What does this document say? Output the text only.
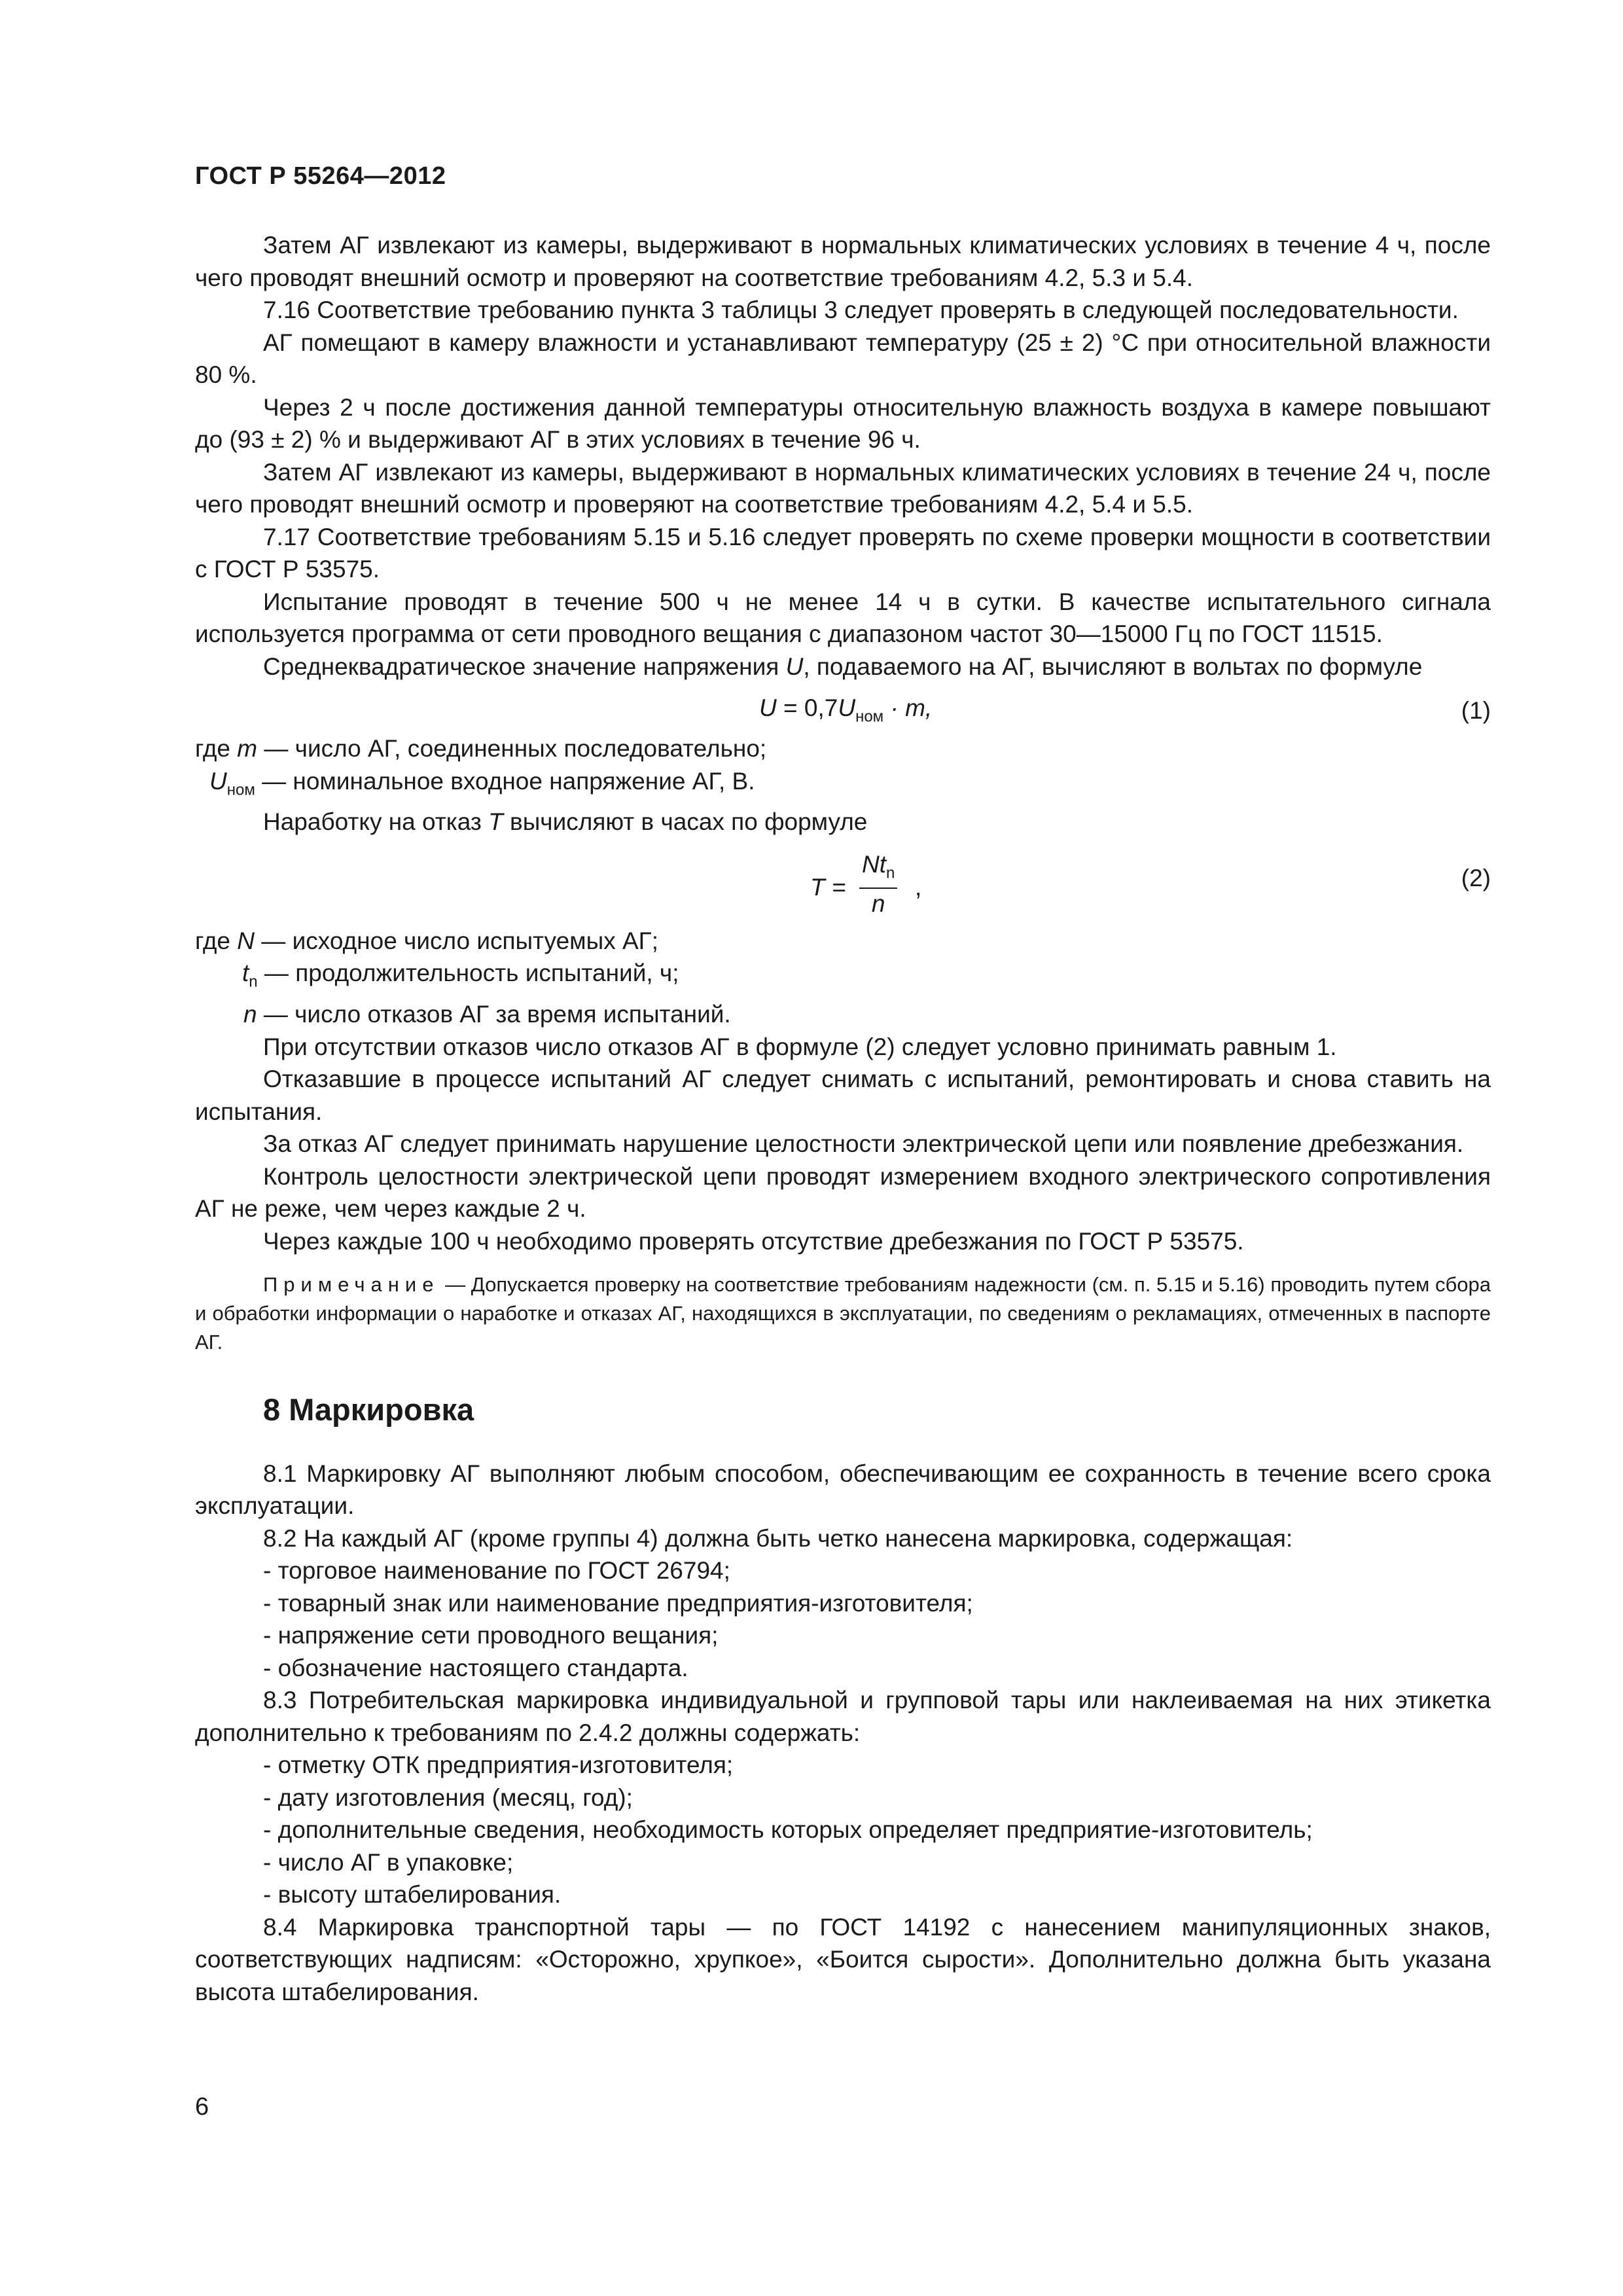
ГОСТ Р 55264—2012

Затем АГ извлекают из камеры, выдерживают в нормальных климатических условиях в течение 4 ч, после чего проводят внешний осмотр и проверяют на соответствие требованиям 4.2, 5.3 и 5.4.

7.16 Соответствие требованию пункта 3 таблицы 3 следует проверять в следующей последовательности.

АГ помещают в камеру влажности и устанавливают температуру (25 ± 2) °С при относительной влажности 80 %.

Через 2 ч после достижения данной температуры относительную влажность воздуха в камере повышают до (93 ± 2) % и выдерживают АГ в этих условиях в течение 96 ч.

Затем АГ извлекают из камеры, выдерживают в нормальных климатических условиях в течение 24 ч, после чего проводят внешний осмотр и проверяют на соответствие требованиям 4.2, 5.4 и 5.5.

7.17 Соответствие требованиям 5.15 и 5.16 следует проверять по схеме проверки мощности в соответствии с ГОСТ Р 53575.

Испытание проводят в течение 500 ч не менее 14 ч в сутки. В качестве испытательного сигнала используется программа от сети проводного вещания с диапазоном частот 30—15000 Гц по ГОСТ 11515.

Среднеквадратическое значение напряжения U, подаваемого на АГ, вычисляют в вольтах по формуле

$U = 0,7U_{ном} \cdot m$,	(1)

где m — число АГ, соединенных последовательно;

$U_{ном}$ — номинальное входное напряжение АГ, В.

Наработку на отказ T вычисляют в часах по формуле

T =
$Nt_n$
n
,	(2)

где N — исходное число испытуемых АГ;

$t_n$ — продолжительность испытаний, ч;

n — число отказов АГ за время испытаний.

При отсутствии отказов число отказов АГ в формуле (2) следует условно принимать равным 1.

Отказавшие в процессе испытаний АГ следует снимать с испытаний, ремонтировать и снова ставить на испытания.

За отказ АГ следует принимать нарушение целостности электрической цепи или появление дребезжания.

Контроль целостности электрической цепи проводят измерением входного электрического сопротивления АГ не реже, чем через каждые 2 ч.

Через каждые 100 ч необходимо проверять отсутствие дребезжания по ГОСТ Р 53575.

Примечание — Допускается проверку на соответствие требованиям надежности (см. п. 5.15 и 5.16) проводить путем сбора и обработки информации о наработке и отказах АГ, находящихся в эксплуатации, по сведениям о рекламациях, отмеченных в паспорте АГ.

8 Маркировка

8.1 Маркировку АГ выполняют любым способом, обеспечивающим ее сохранность в течение всего срока эксплуатации.

8.2 На каждый АГ (кроме группы 4) должна быть четко нанесена маркировка, содержащая:

- торговое наименование по ГОСТ 26794;

- товарный знак или наименование предприятия-изготовителя;

- напряжение сети проводного вещания;

- обозначение настоящего стандарта.

8.3 Потребительская маркировка индивидуальной и групповой тары или наклеиваемая на них этикетка дополнительно к требованиям по 2.4.2 должны содержать:

- отметку ОТК предприятия-изготовителя;

- дату изготовления (месяц, год);

- дополнительные сведения, необходимость которых определяет предприятие-изготовитель;

- число АГ в упаковке;

- высоту штабелирования.

8.4 Маркировка транспортной тары — по ГОСТ 14192 с нанесением манипуляционных знаков, соответствующих надписям: «Осторожно, хрупкое», «Боится сырости». Дополнительно должна быть указана высота штабелирования.

6
